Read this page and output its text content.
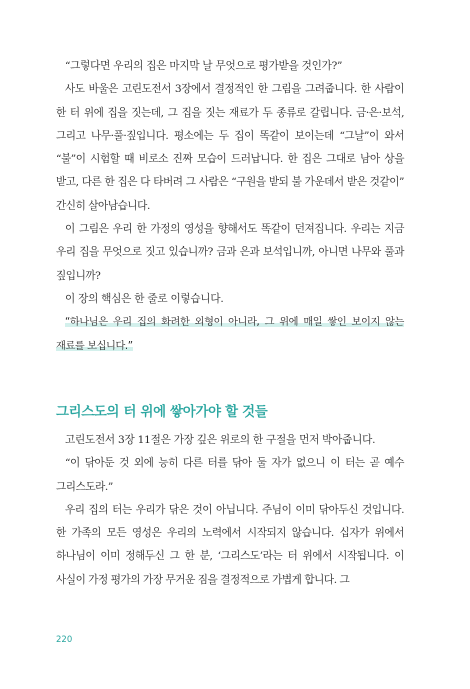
“그렇다면 우리의 집은 마지막 날 무엇으로 평가받을 것인가?”

사도 바울은 고린도전서 3장에서 결정적인 한 그림을 그려줍니다. 한 사람이 한 터 위에 집을 짓는데, 그 집을 짓는 재료가 두 종류로 갈립니다. 금·은·보석, 그리고 나무·풀·짚입니다. 평소에는 두 집이 똑같이 보이는데 “그날”이 와서 “불”이 시험할 때 비로소 진짜 모습이 드러납니다. 한 집은 그대로 남아 상을 받고, 다른 한 집은 다 타버려 그 사람은 “구원을 받되 불 가운데서 받은 것같이” 간신히 살아남습니다.

이 그림은 우리 한 가정의 영성을 향해서도 똑같이 던져집니다. 우리는 지금 우리 집을 무엇으로 짓고 있습니까? 금과 은과 보석입니까, 아니면 나무와 풀과 짚입니까?

이 장의 핵심은 한 줄로 이렇습니다.

“하나님은 우리 집의 화려한 외형이 아니라, 그 위에 매일 쌓인 보이지 않는 재료를 보십니다.”

그리스도의 터 위에 쌓아가야 할 것들

고린도전서 3장 11절은 가장 깊은 위로의 한 구절을 먼저 박아줍니다.

“이 닦아둔 것 외에 능히 다른 터를 닦아 둘 자가 없으니 이 터는 곧 예수 그리스도라.”

우리 집의 터는 우리가 닦은 것이 아닙니다. 주님이 이미 닦아두신 것입니다. 한 가족의 모든 영성은 우리의 노력에서 시작되지 않습니다. 십자가 위에서 하나님이 이미 정해두신 그 한 분, ‘그리스도’라는 터 위에서 시작됩니다. 이 사실이 가정 평가의 가장 무거운 짐을 결정적으로 가볍게 합니다. 그

220
